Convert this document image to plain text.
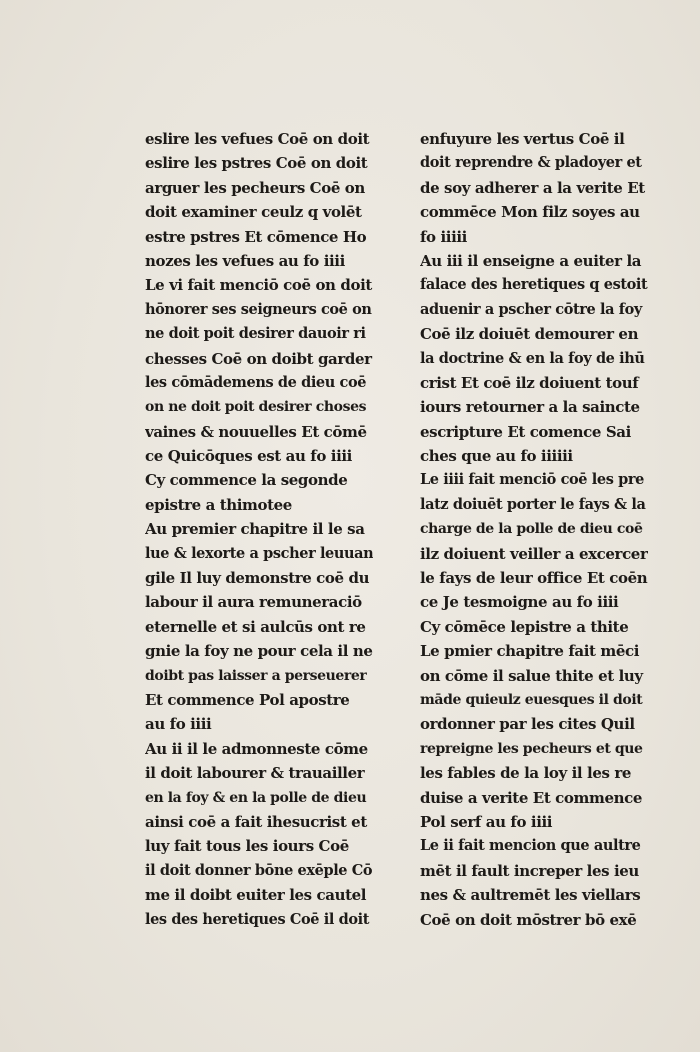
eslire les vefues Coē on doit
eslire les pstres Coē on doit
arguer les pecheurs Coē on
doit examiner ceulz q volēt
estre pstres Et cōmence Ho
nozes les vefues au fo iiii
Le vi fait menciō coē on doit
hōnorer ses seigneurs coē on
ne doit poit desirer dauoir ri
chesses Coē on doibt garder
les cōmādemens de dieu coē
on ne doit poit desirer choses
vaines & nouuelles Et cōmē
ce Quicōques est au fo iiii
Cy commence la segonde
epistre a thimotee
Au premier chapitre il le sa
lue & lexorte a pscher leuuan
gile Il luy demonstre coē du
labour il aura remuneraciō
eternelle et si aulcūs ont re
gnie la foy ne pour cela il ne
doibt pas laisser a perseuerer
Et commence Pol apostre
au fo iiii
Au ii il le admonneste cōme
il doit labourer & trauailler
en la foy & en la polle de dieu
ainsi coē a fait ihesucrist et
luy fait tous les iours Coē
il doit donner bōne exēple Cō
me il doibt euiter les cautel
les des heretiques Coē il doit
enfuyure les vertus Coē il
doit reprendre & pladoyer et
de soy adherer a la verite Et
commēce Mon filz soyes au
fo iiiii
Au iii il enseigne a euiter la
falace des heretiques q estoit
aduenir a pscher cōtre la foy
Coē ilz doiuēt demourer en
la doctrine & en la foy de ihū
crist Et coē ilz doiuent touf
iours retourner a la saincte
escripture Et comence Sai
ches que au fo iiiiii
Le iiii fait menciō coē les pre
latz doiuēt porter le fays & la
charge de la polle de dieu coē
ilz doiuent veiller a excercer
le fays de leur office Et coēn
ce Je tesmoigne au fo iiii
Cy cōmēce lepistre a thite
Le pmier chapitre fait mēci
on cōme il salue thite et luy
māde quieulz euesques il doit
ordonner par les cites Quil
repreigne les pecheurs et que
les fables de la loy il les re
duise a verite Et commence
Pol serf au fo iiii
Le ii fait mencion que aultre
mēt il fault increper les ieu
nes & aultremēt les viellars
Coē on doit mōstrer bō exē
